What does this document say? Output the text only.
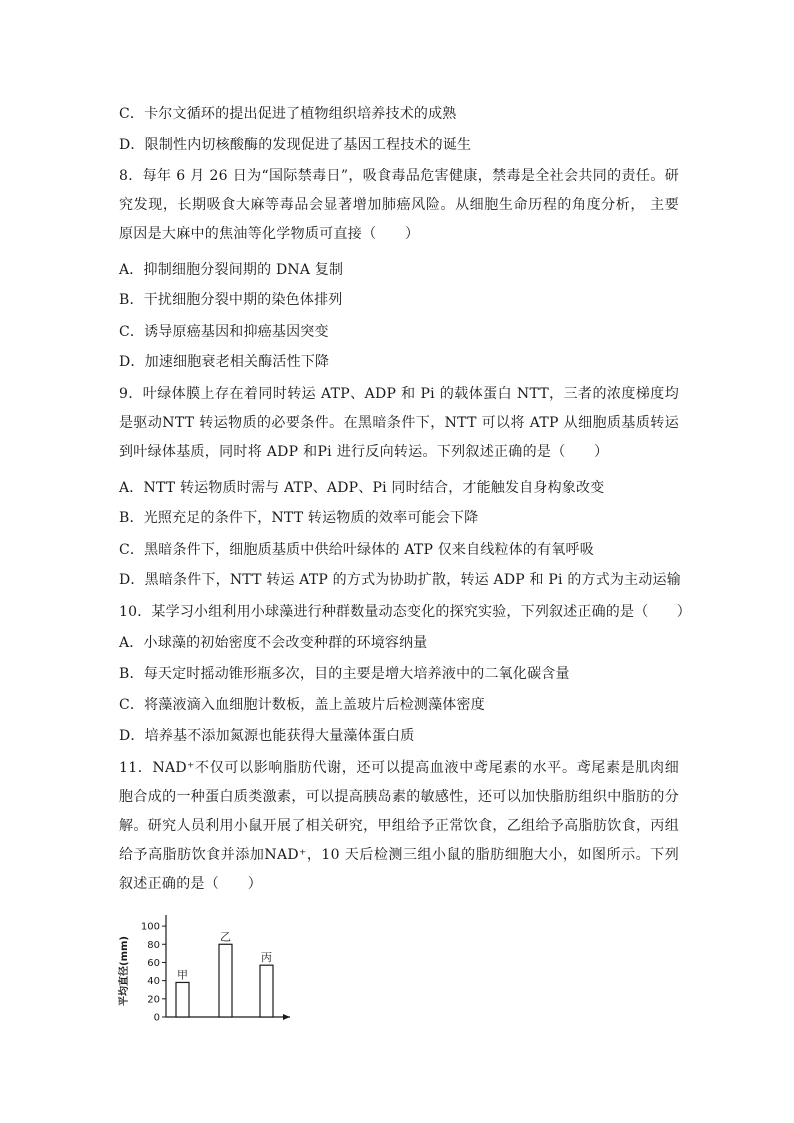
C．卡尔文循环的提出促进了植物组织培养技术的成熟
D．限制性内切核酸酶的发现促进了基因工程技术的诞生
8．每年 6 月 26 日为“国际禁毒日”，吸食毒品危害健康，禁毒是全社会共同的责任。研究发现，长期吸食大麻等毒品会显著增加肺癌风险。从细胞生命历程的角度分析， 主要原因是大麻中的焦油等化学物质可直接（　　）
A．抑制细胞分裂间期的 DNA 复制
B．干扰细胞分裂中期的染色体排列
C．诱导原癌基因和抑癌基因突变
D．加速细胞衰老相关酶活性下降
9．叶绿体膜上存在着同时转运 ATP、ADP 和 Pi 的载体蛋白 NTT，三者的浓度梯度均是驱动NTT 转运物质的必要条件。在黑暗条件下，NTT 可以将 ATP 从细胞质基质转运到叶绿体基质，同时将 ADP 和Pi 进行反向转运。下列叙述正确的是（　　）
A．NTT 转运物质时需与 ATP、ADP、Pi 同时结合，才能触发自身构象改变
B．光照充足的条件下，NTT 转运物质的效率可能会下降
C．黑暗条件下，细胞质基质中供给叶绿体的 ATP 仅来自线粒体的有氧呼吸
D．黑暗条件下，NTT 转运 ATP 的方式为协助扩散，转运 ADP 和 Pi 的方式为主动运输
10．某学习小组利用小球藻进行种群数量动态变化的探究实验，下列叙述正确的是（　　）
A．小球藻的初始密度不会改变种群的环境容纳量
B．每天定时摇动锥形瓶多次，目的主要是增大培养液中的二氧化碳含量
C．将藻液滴入血细胞计数板，盖上盖玻片后检测藻体密度
D．培养基不添加氮源也能获得大量藻体蛋白质
11．NAD⁺不仅可以影响脂肪代谢，还可以提高血液中鸢尾素的水平。鸢尾素是肌肉细胞合成的一种蛋白质类激素，可以提高胰岛素的敏感性，还可以加快脂肪组织中脂肪的分解。研究人员利用小鼠开展了相关研究，甲组给予正常饮食，乙组给予高脂肪饮食，丙组给予高脂肪饮食并添加NAD⁺，10 天后检测三组小鼠的脂肪细胞大小，如图所示。下列叙述正确的是（　　）
平均直径(mm)
0
20
40
60
80
100
甲
乙
丙
